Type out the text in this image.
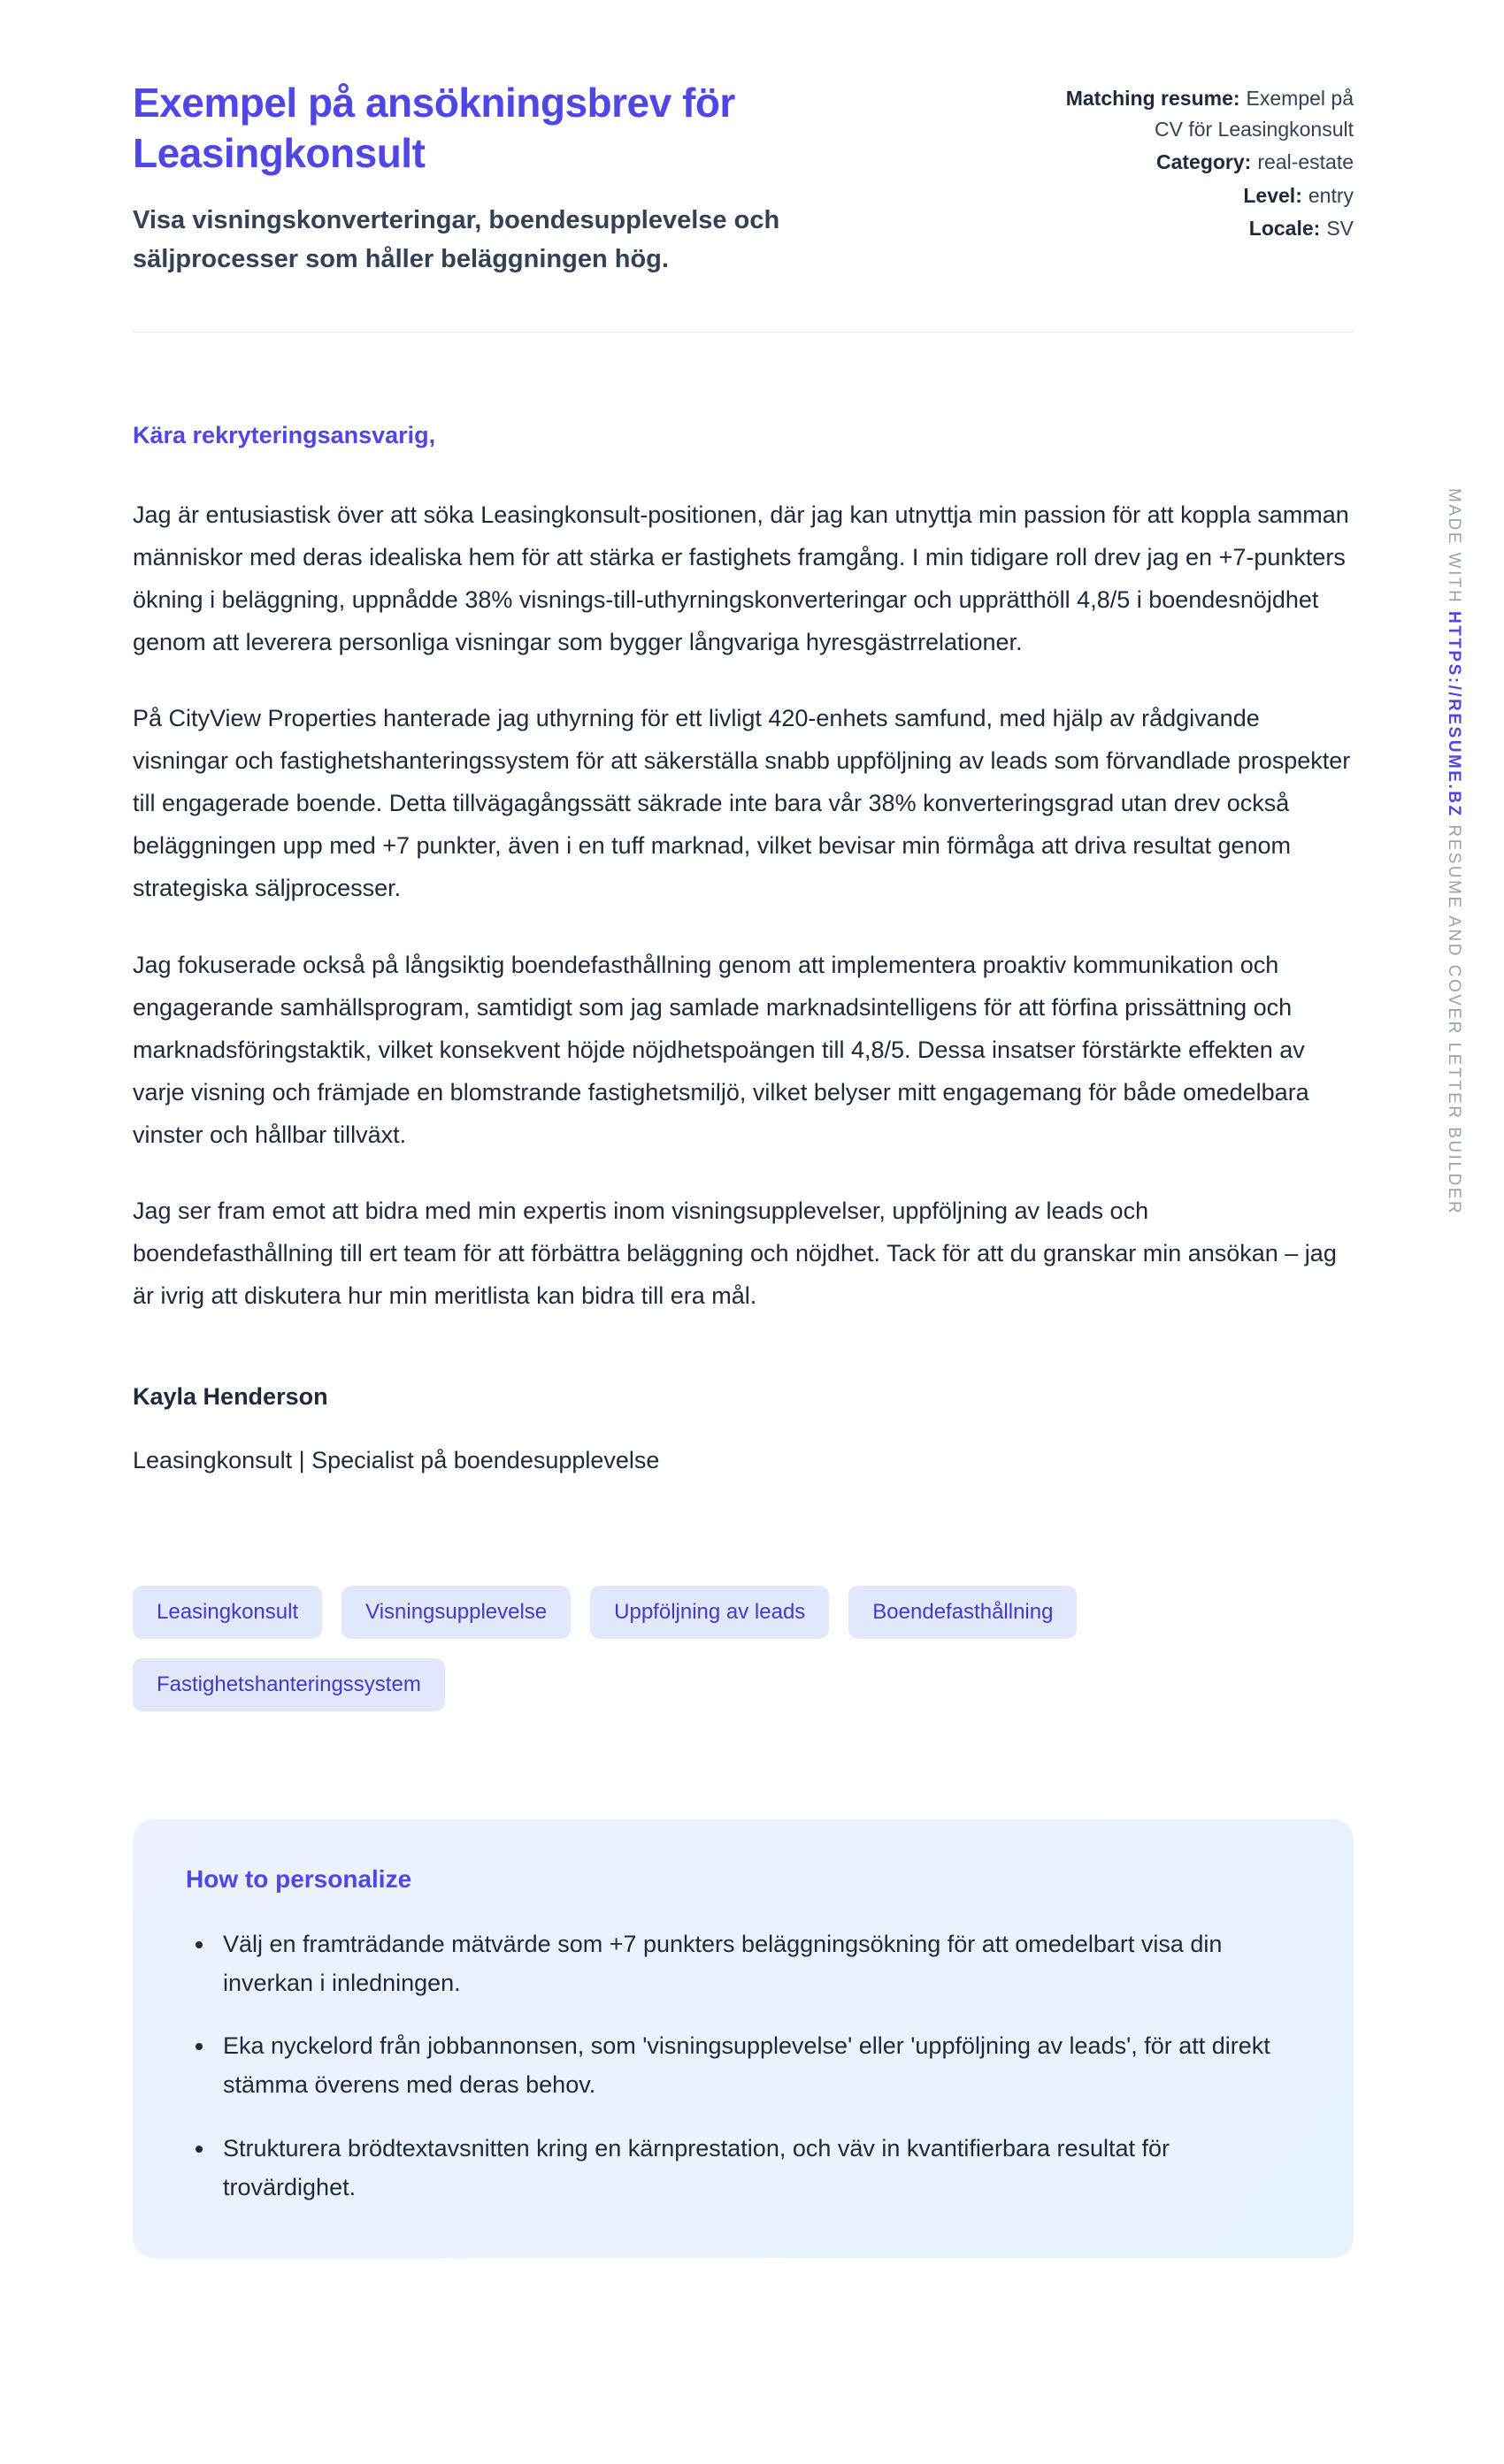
MADE WITH HTTPS://RESUME.BZ RESUME AND COVER LETTER BUILDER
Exempel på ansökningsbrev för Leasingkonsult

Visa visningskonverteringar, boendesupplevelse och säljprocesser som håller beläggningen hög.

Matching resume: Exempel på CV för Leasingkonsult
Category: real-estate
Level: entry
Locale: SV

Kära rekryteringsansvarig,

Jag är entusiastisk över att söka Leasingkonsult-positionen, där jag kan utnyttja min passion för att koppla samman människor med deras idealiska hem för att stärka er fastighets framgång. I min tidigare roll drev jag en +7-punkters ökning i beläggning, uppnådde 38% visnings-till-uthyrningskonverteringar och upprätthöll 4,8/5 i boendesnöjdhet genom att leverera personliga visningar som bygger långvariga hyresgästrrelationer.

På CityView Properties hanterade jag uthyrning för ett livligt 420-enhets samfund, med hjälp av rådgivande visningar och fastighetshanteringssystem för att säkerställa snabb uppföljning av leads som förvandlade prospekter till engagerade boende. Detta tillvägagångssätt säkrade inte bara vår 38% konverteringsgrad utan drev också beläggningen upp med +7 punkter, även i en tuff marknad, vilket bevisar min förmåga att driva resultat genom strategiska säljprocesser.

Jag fokuserade också på långsiktig boendefasthållning genom att implementera proaktiv kommunikation och engagerande samhällsprogram, samtidigt som jag samlade marknadsintelligens för att förfina prissättning och marknadsföringstaktik, vilket konsekvent höjde nöjdhetspoängen till 4,8/5. Dessa insatser förstärkte effekten av varje visning och främjade en blomstrande fastighetsmiljö, vilket belyser mitt engagemang för både omedelbara vinster och hållbar tillväxt.

Jag ser fram emot att bidra med min expertis inom visningsupplevelser, uppföljning av leads och boendefasthållning till ert team för att förbättra beläggning och nöjdhet. Tack för att du granskar min ansökan – jag är ivrig att diskutera hur min meritlista kan bidra till era mål.

Kayla Henderson

Leasingkonsult | Specialist på boendesupplevelse

Leasingkonsult	Visningsupplevelse	Uppföljning av leads	Boendefasthållning
Fastighetshanteringssystem
How to personalize
• Välj en framträdande mätvärde som +7 punkters beläggningsökning för att omedelbart visa din inverkan i inledningen.
• Eka nyckelord från jobbannonsen, som 'visningsupplevelse' eller 'uppföljning av leads', för att direkt stämma överens med deras behov.
• Strukturera brödtextavsnitten kring en kärnprestation, och väv in kvantifierbara resultat för trovärdighet.
